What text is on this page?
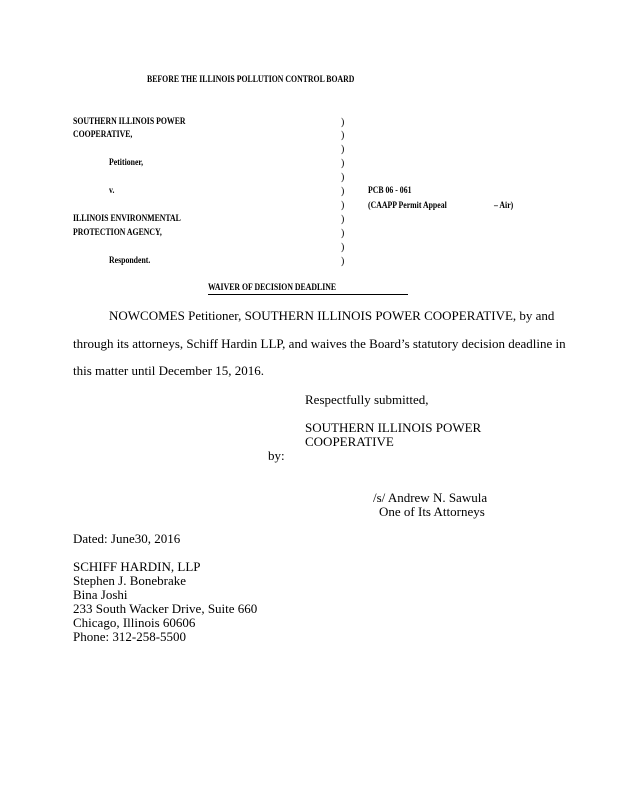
BEFORE THE ILLINOIS POLLUTION CONTROL BOARD
SOUTHERN ILLINOIS POWER
COOPERATIVE,
Petitioner,
v.
ILLINOIS ENVIRONMENTAL
PROTECTION AGENCY,
Respondent.
)
)
)
)
)
)
)
)
)
)
)
PCB 06 - 061
(CAAPP Permit Appeal	– Air)
WAIVER OF DECISION DEADLINE
NOWCOMES Petitioner, SOUTHERN ILLINOIS POWER COOPERATIVE, by and
through its attorneys, Schiff Hardin LLP, and waives the Board’s statutory decision deadline in
this matter until December 15, 2016.
Respectfully submitted,
SOUTHERN ILLINOIS POWER
COOPERATIVE
by:
/s/ Andrew N. Sawula
One of Its Attorneys
Dated: June30, 2016
SCHIFF HARDIN, LLP
Stephen J. Bonebrake
Bina Joshi
233 South Wacker Drive, Suite 660
Chicago, Illinois 60606
Phone: 312-258-5500
